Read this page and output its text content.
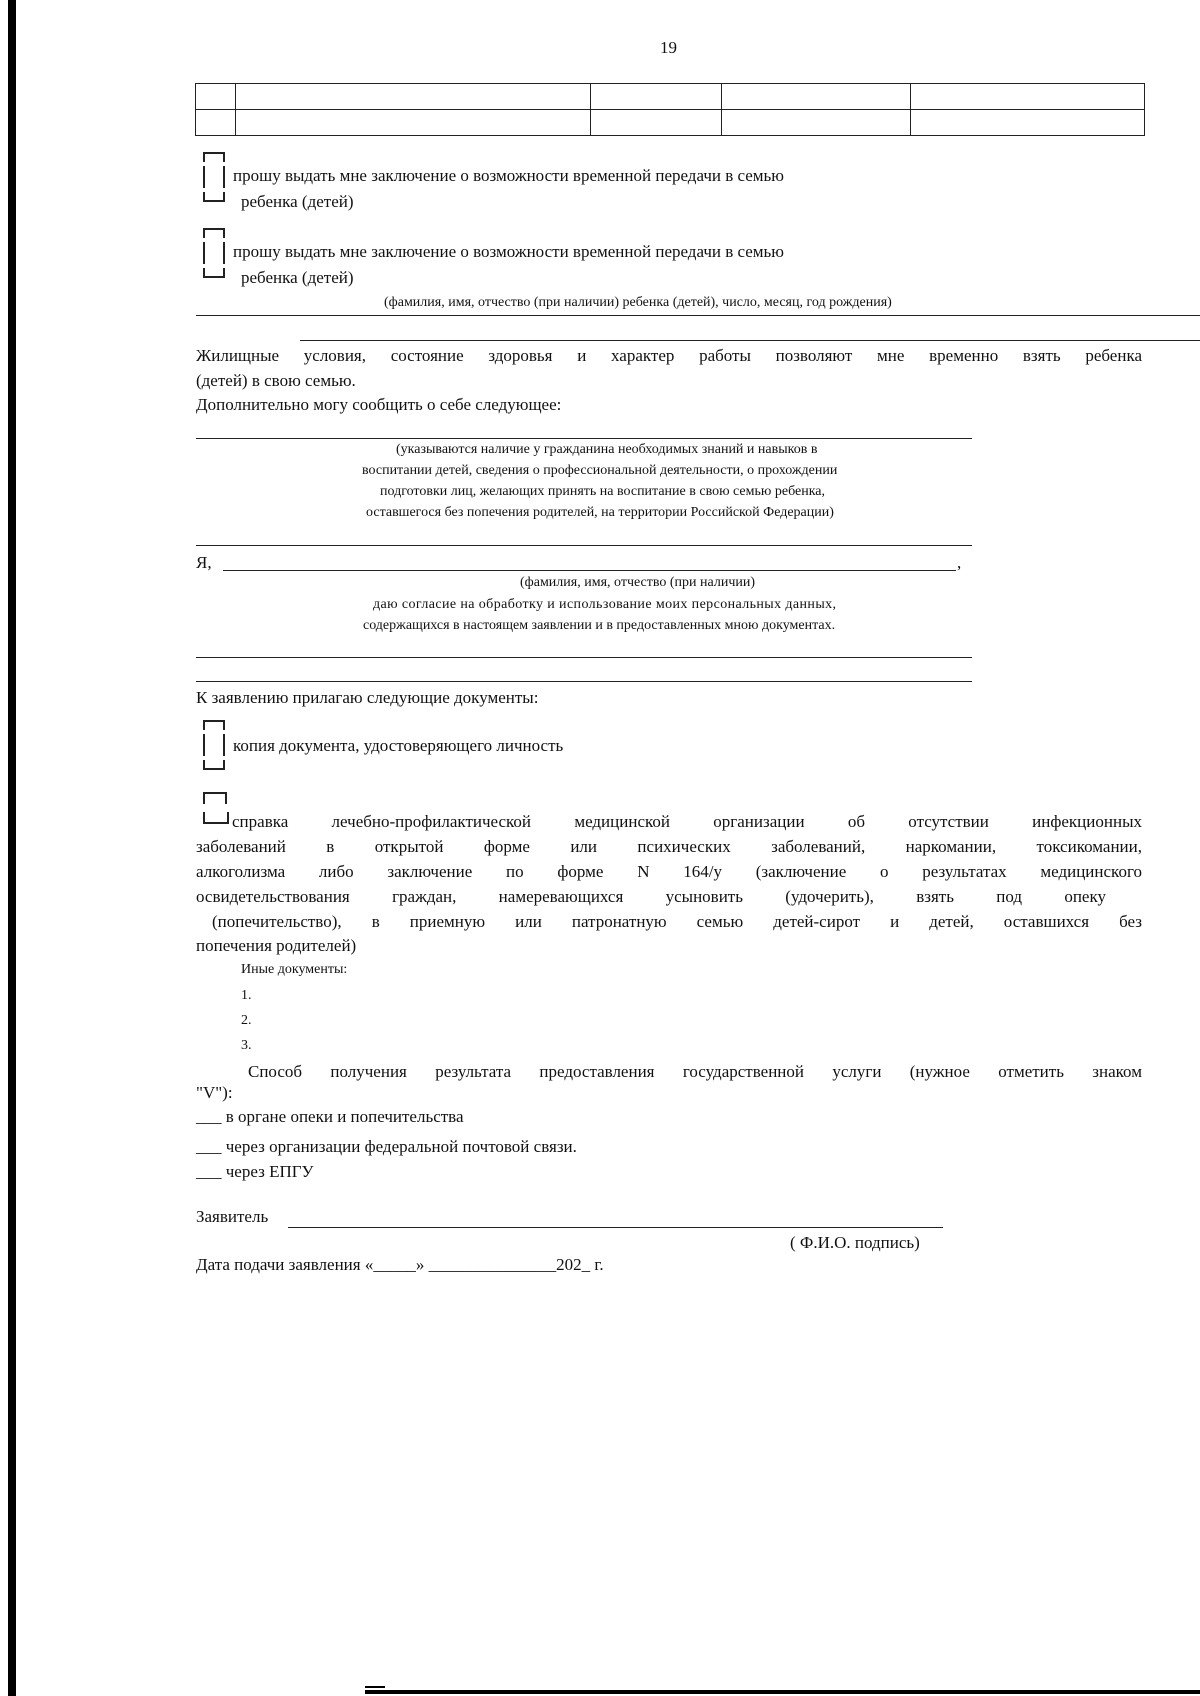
19

прошу выдать мне заключение о возможности временной передачи в семью
ребенка (детей)
прошу выдать мне заключение о возможности временной передачи в семью
ребенка (детей)
(фамилия, имя, отчество (при наличии) ребенка (детей), число, месяц, год рождения)
Жилищные условия, состояние здоровья и характер работы позволяют мне временно взять ребенка
(детей) в свою семью.
Дополнительно могу сообщить о себе следующее:
(указываются наличие у гражданина необходимых знаний и навыков в
воспитании детей, сведения о профессиональной деятельности, о прохождении
подготовки лиц, желающих принять на воспитание в свою семью ребенка,
оставшегося без попечения родителей, на территории Российской Федерации)
Я,	,
(фамилия, имя, отчество (при наличии)
даю согласие на обработку и использование моих персональных данных,
содержащихся в настоящем заявлении и в предоставленных мною документах.
К заявлению прилагаю следующие документы:
копия документа, удостоверяющего личность
справка лечебно-профилактической медицинской организации об отсутствии инфекционных
заболеваний в открытой форме или психических заболеваний, наркомании, токсикомании,
алкоголизма либо заключение по форме N 164/у (заключение о результатах медицинского
освидетельствования граждан, намеревающихся усыновить (удочерить), взять под опеку
(попечительство), в приемную или патронатную семью детей-сирот и детей, оставшихся без
попечения родителей)
Иные документы:
1.
2.
3.
Способ получения результата предоставления государственной услуги (нужное отметить знаком
"V"):
___ в органе опеки и попечительства
___ через организации федеральной почтовой связи.
___ через ЕПГУ
Заявитель
( Ф.И.О. подпись)
Дата подачи заявления «_____» _______________202_ г.
